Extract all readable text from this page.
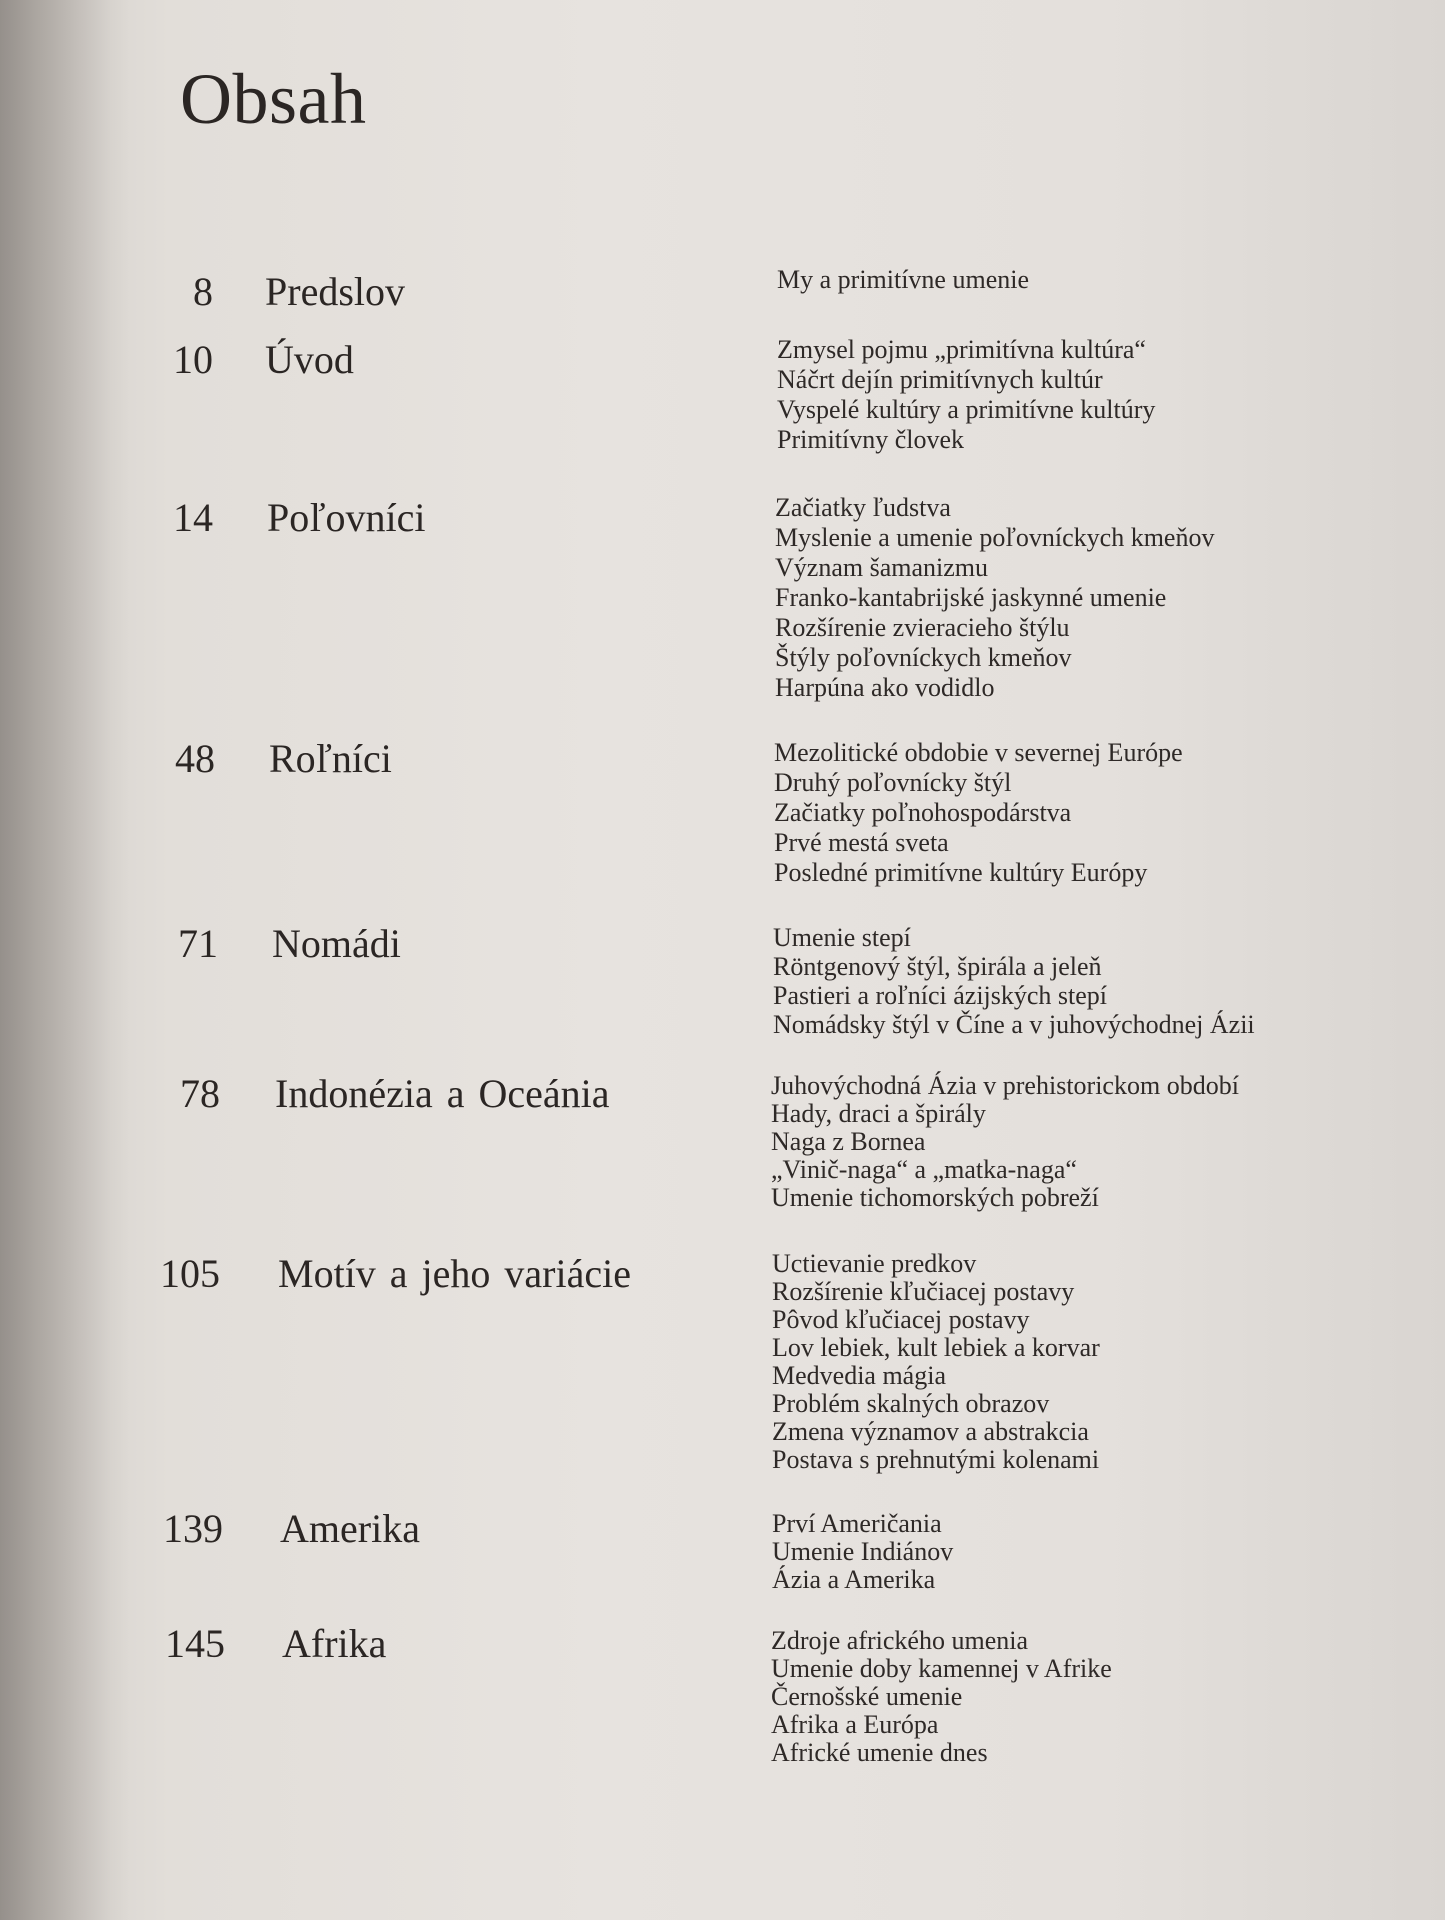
Obsah
8 Predslov	My a primitívne umenie
10 Úvod	Zmysel pojmu „primitívna kultúra“
Náčrt dejín primitívnych kultúr
Vyspelé kultúry a primitívne kultúry
Primitívny človek
14 Poľovníci	Začiatky ľudstva
Myslenie a umenie poľovníckych kmeňov
Význam šamanizmu
Franko-kantabrijské jaskynné umenie
Rozšírenie zvieracieho štýlu
Štýly poľovníckych kmeňov
Harpúna ako vodidlo
48 Roľníci	Mezolitické obdobie v severnej Európe
Druhý poľovnícky štýl
Začiatky poľnohospodárstva
Prvé mestá sveta
Posledné primitívne kultúry Európy
71 Nomádi	Umenie stepí
Röntgenový štýl, špirála a jeleň
Pastieri a roľníci ázijských stepí
Nomádsky štýl v Číne a v juhovýchodnej Ázii
78 Indonézia a Oceánia	Juhovýchodná Ázia v prehistorickom období
Hady, draci a špirály
Naga z Bornea
„Vinič-naga“ a „matka-naga“
Umenie tichomorských pobreží
105 Motív a jeho variácie	Uctievanie predkov
Rozšírenie kľučiacej postavy
Pôvod kľučiacej postavy
Lov lebiek, kult lebiek a korvar
Medvedia mágia
Problém skalných obrazov
Zmena významov a abstrakcia
Postava s prehnutými kolenami
139 Amerika	Prví Američania
Umenie Indiánov
Ázia a Amerika
145 Afrika	Zdroje afrického umenia
Umenie doby kamennej v Afrike
Černošské umenie
Afrika a Európa
Africké umenie dnes
